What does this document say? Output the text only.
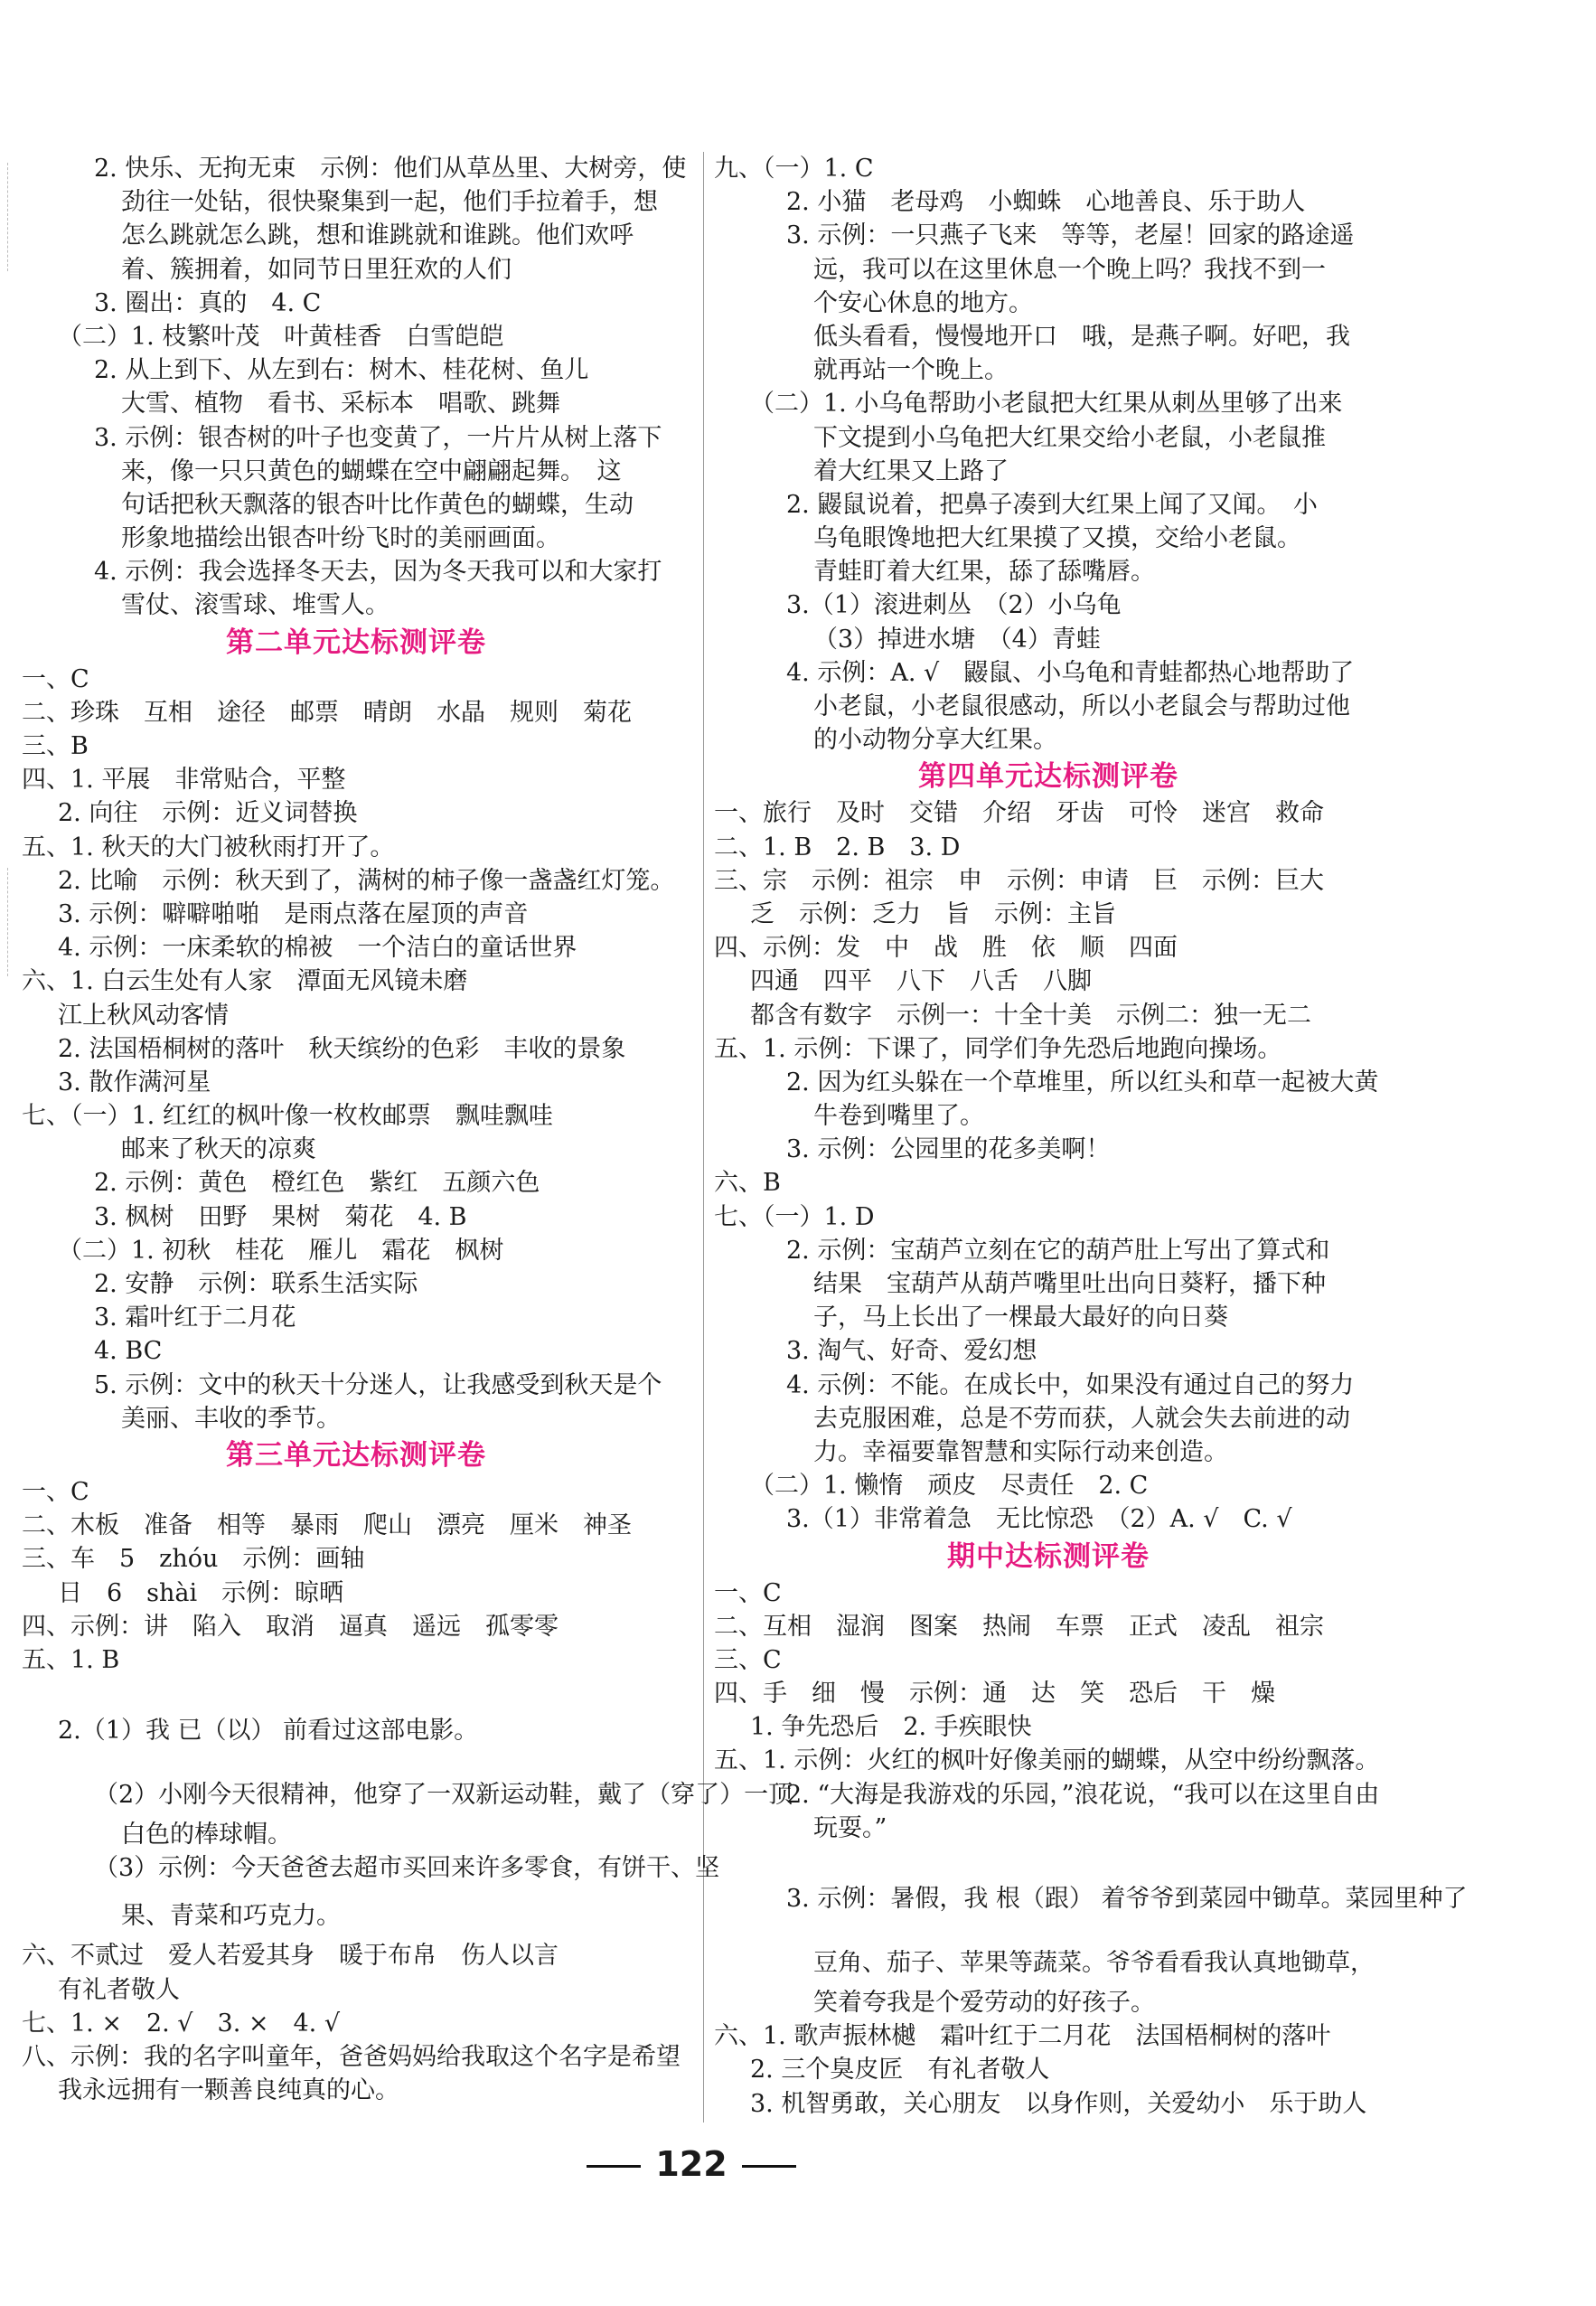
2. 快乐、无拘无束　示例：他们从草丛里、大树旁，使
劲往一处钻，很快聚集到一起，他们手拉着手，想
怎么跳就怎么跳，想和谁跳就和谁跳。他们欢呼
着、簇拥着，如同节日里狂欢的人们
3. 圈出：真的　4. C
（二）1. 枝繁叶茂　叶黄桂香　白雪皑皑
2. 从上到下、从左到右：树木、桂花树、鱼儿
大雪、植物　看书、采标本　唱歌、跳舞
3. 示例：银杏树的叶子也变黄了，一片片从树上落下
来，像一只只黄色的蝴蝶在空中翩翩起舞。　这
句话把秋天飘落的银杏叶比作黄色的蝴蝶，生动
形象地描绘出银杏叶纷飞时的美丽画面。
4. 示例：我会选择冬天去，因为冬天我可以和大家打
雪仗、滚雪球、堆雪人。
第二单元达标测评卷
一、C
二、珍珠　互相　途径　邮票　晴朗　水晶　规则　菊花
三、B
四、1. 平展　非常贴合，平整
2. 向往　示例：近义词替换
五、1. 秋天的大门被秋雨打开了。
2. 比喻　示例：秋天到了，满树的柿子像一盏盏红灯笼。
3. 示例：噼噼啪啪　是雨点落在屋顶的声音
4. 示例：一床柔软的棉被　一个洁白的童话世界
六、1. 白云生处有人家　潭面无风镜未磨
江上秋风动客情
2. 法国梧桐树的落叶　秋天缤纷的色彩　丰收的景象
3. 散作满河星
七、（一）1. 红红的枫叶像一枚枚邮票　飘哇飘哇
邮来了秋天的凉爽
2. 示例：黄色　橙红色　紫红　五颜六色
3. 枫树　田野　果树　菊花　4. B
（二）1. 初秋　桂花　雁儿　霜花　枫树
2. 安静　示例：联系生活实际
3. 霜叶红于二月花
4. BC
5. 示例：文中的秋天十分迷人，让我感受到秋天是个
美丽、丰收的季节。
第三单元达标测评卷
一、C
二、木板　准备　相等　暴雨　爬山　漂亮　厘米　神圣
三、车　5　zhóu　示例：画轴
日　6　shài　示例：晾晒
四、示例：讲　陷入　取消　逼真　遥远　孤零零
五、1. B
2.（1）我 已（以） 前看过这部电影。
（2）小刚今天很精神，他穿了一双新运动鞋，戴了（穿了）一顶
白色的棒球帽。
（3）示例：今天爸爸去超市买回来许多零食，有饼干、坚
果、青菜和巧克力。
六、不贰过　爱人若爱其身　暖于布帛　伤人以言
有礼者敬人
七、1. ×　2. √　3. ×　4. √
八、示例：我的名字叫童年，爸爸妈妈给我取这个名字是希望
我永远拥有一颗善良纯真的心。
九、（一）1. C
2. 小猫　老母鸡　小蜘蛛　心地善良、乐于助人
3. 示例：一只燕子飞来　等等，老屋！回家的路途遥
远，我可以在这里休息一个晚上吗？我找不到一
个安心休息的地方。
低头看看，慢慢地开口　哦，是燕子啊。好吧，我
就再站一个晚上。
（二）1. 小乌龟帮助小老鼠把大红果从刺丛里够了出来
下文提到小乌龟把大红果交给小老鼠，小老鼠推
着大红果又上路了
2. 鼹鼠说着，把鼻子凑到大红果上闻了又闻。　小
乌龟眼馋地把大红果摸了又摸，交给小老鼠。
青蛙盯着大红果，舔了舔嘴唇。
3.（1）滚进刺丛　（2）小乌龟
（3）掉进水塘　（4）青蛙
4. 示例：A. √　鼹鼠、小乌龟和青蛙都热心地帮助了
小老鼠，小老鼠很感动，所以小老鼠会与帮助过他
的小动物分享大红果。
第四单元达标测评卷
一、旅行　及时　交错　介绍　牙齿　可怜　迷宫　救命
二、1. B　2. B　3. D
三、宗　示例：祖宗　申　示例：申请　巨　示例：巨大
乏　示例：乏力　旨　示例：主旨
四、示例：发　中　战　胜　依　顺　四面
四通　四平　八下　八舌　八脚
都含有数字　示例一：十全十美　示例二：独一无二
五、1. 示例：下课了，同学们争先恐后地跑向操场。
2. 因为红头躲在一个草堆里，所以红头和草一起被大黄
牛卷到嘴里了。
3. 示例：公园里的花多美啊！
六、B
七、（一）1. D
2. 示例：宝葫芦立刻在它的葫芦肚上写出了算式和
结果　宝葫芦从葫芦嘴里吐出向日葵籽，播下种
子，马上长出了一棵最大最好的向日葵
3. 淘气、好奇、爱幻想
4. 示例：不能。在成长中，如果没有通过自己的努力
去克服困难，总是不劳而获，人就会失去前进的动
力。幸福要靠智慧和实际行动来创造。
（二）1. 懒惰　顽皮　尽责任　2. C
3.（1）非常着急　无比惊恐　（2）A. √　C. √
期中达标测评卷
一、C
二、互相　湿润　图案　热闹　车票　正式　凌乱　祖宗
三、C
四、手　细　慢　示例：通　达　笑　恐后　干　燥
1. 争先恐后　2. 手疾眼快
五、1. 示例：火红的枫叶好像美丽的蝴蝶，从空中纷纷飘落。
2. “大海是我游戏的乐园，”浪花说，“我可以在这里自由
玩耍。”
3. 示例：暑假，我 根（跟） 着爷爷到菜园中锄草。菜园里种了
豆角、茄子、苹果等蔬菜。爷爷看看我认真地锄草，
笑着夸我是个爱劳动的好孩子。
六、1. 歌声振林樾　霜叶红于二月花　法国梧桐树的落叶
2. 三个臭皮匠　有礼者敬人
3. 机智勇敢，关心朋友　以身作则，关爱幼小　乐于助人
122
